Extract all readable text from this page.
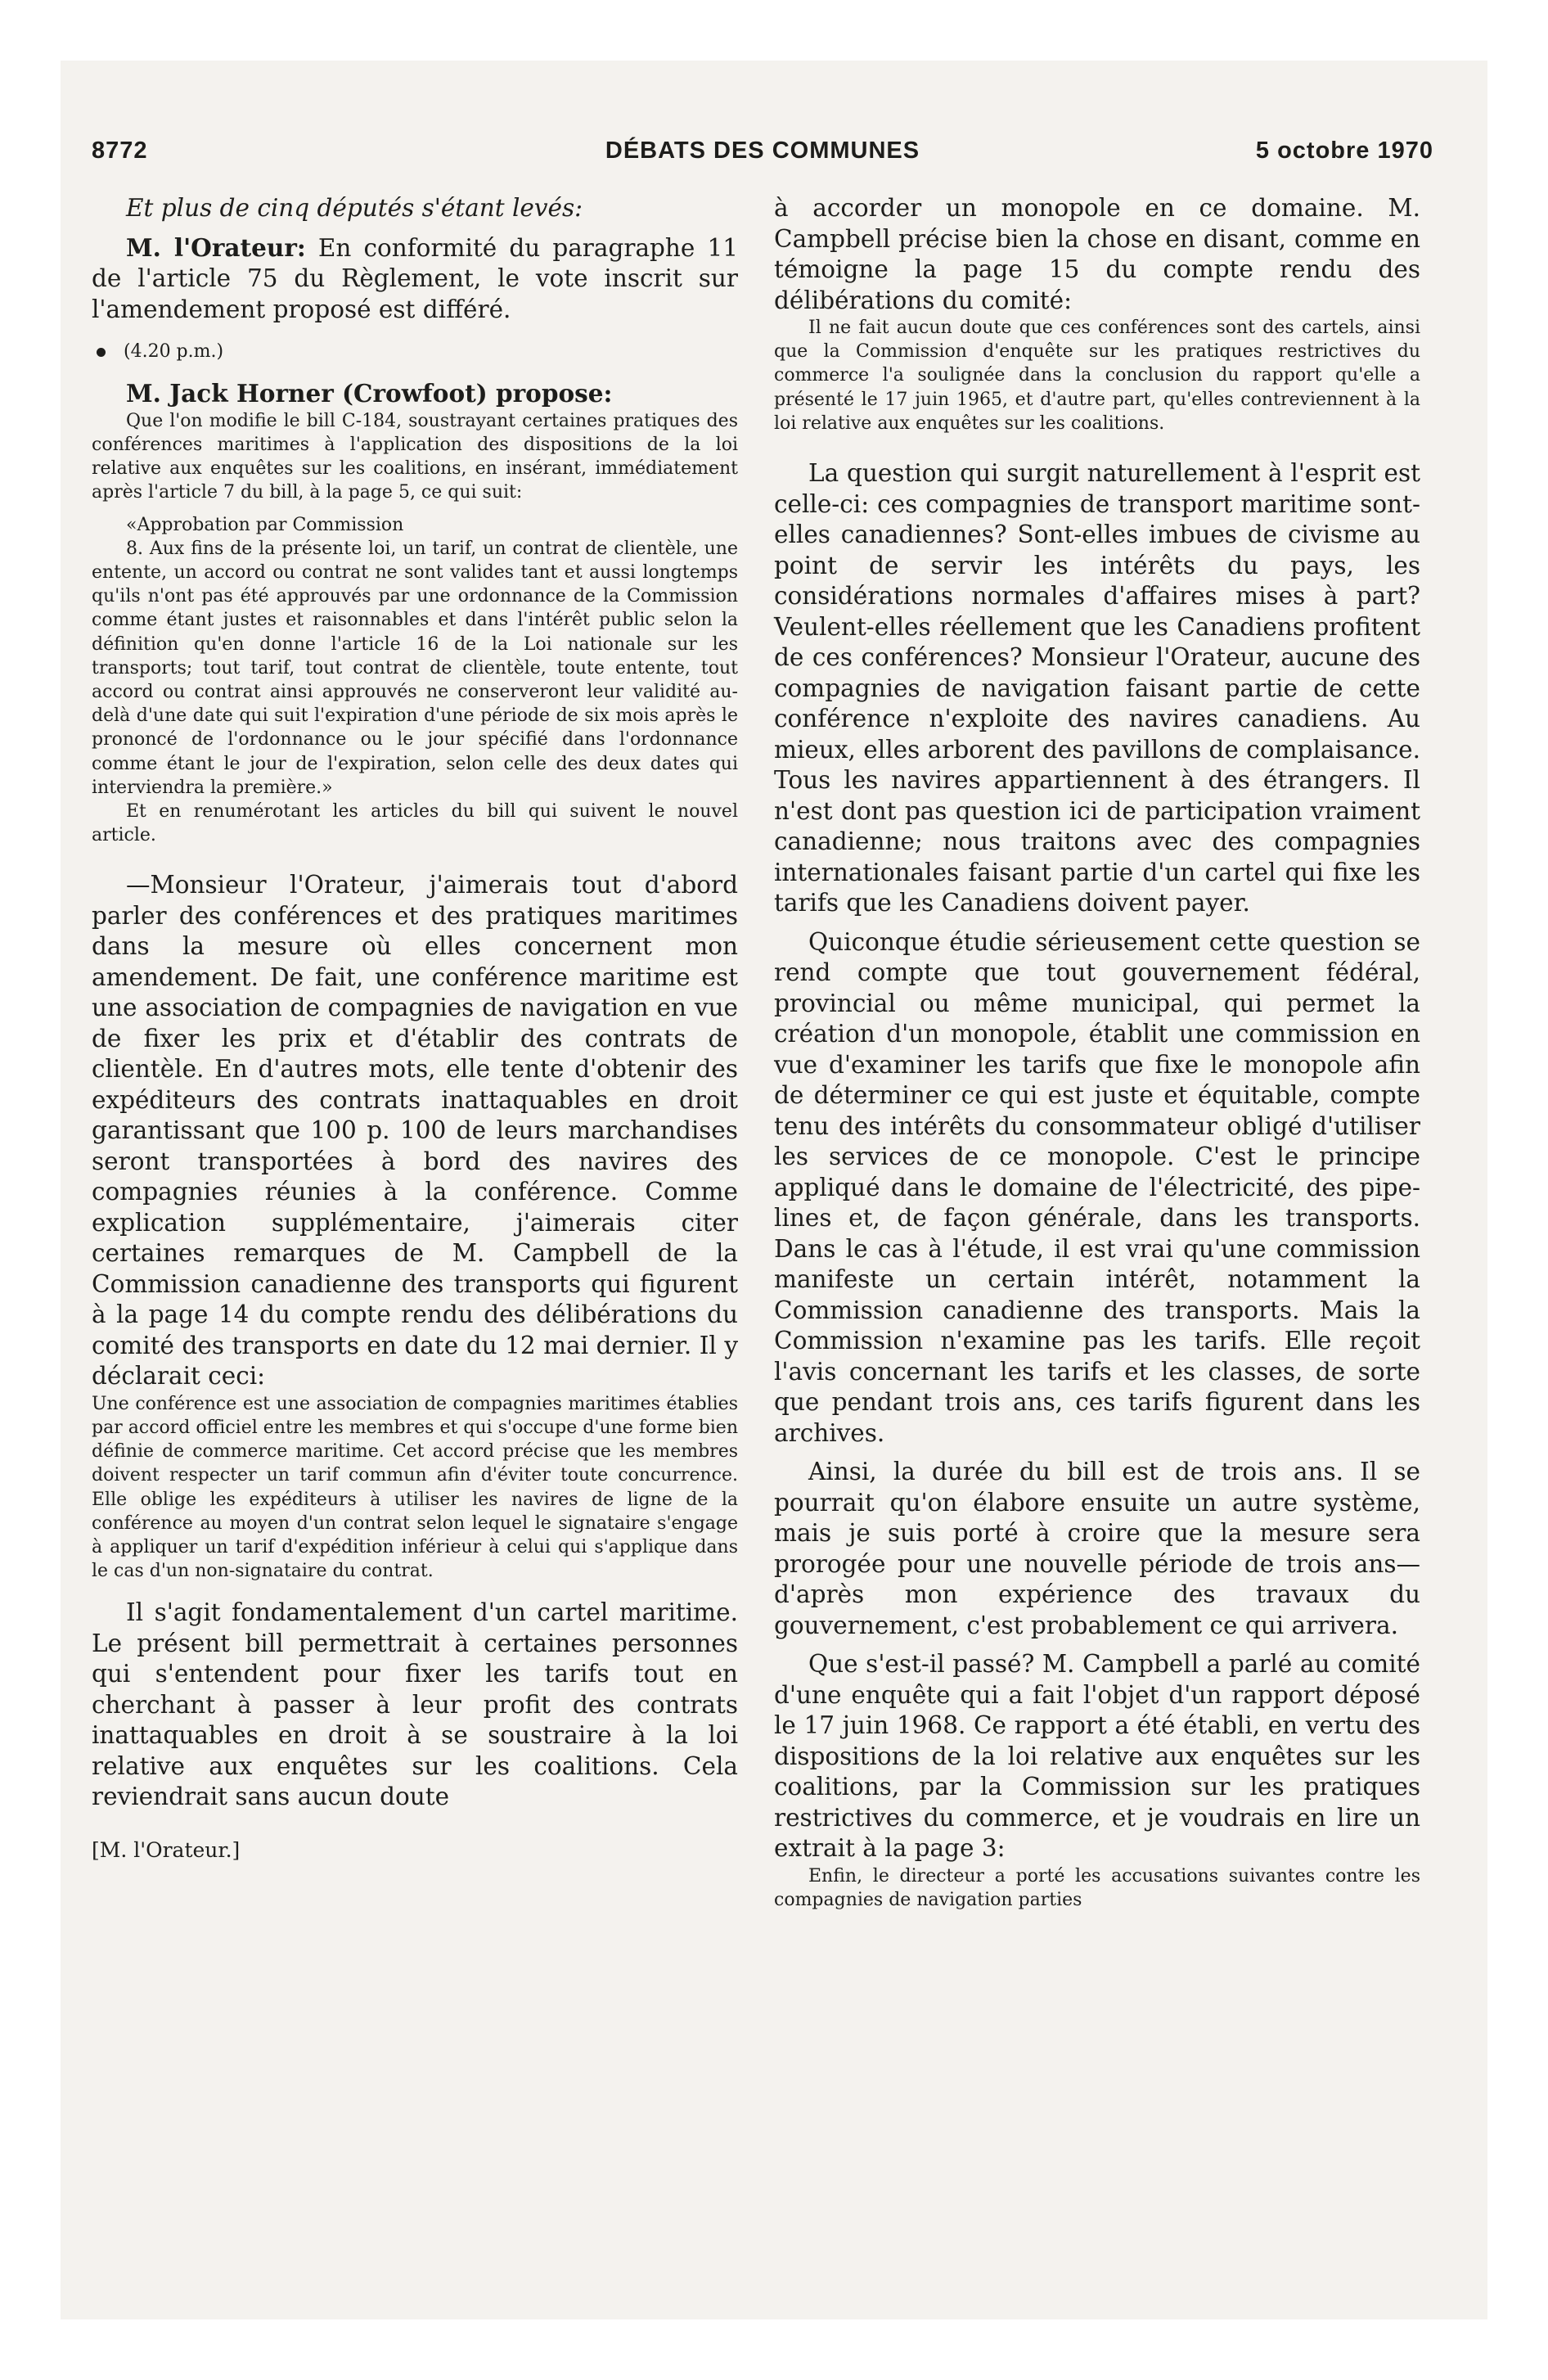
8772	DÉBATS DES COMMUNES	5 octobre 1970

Et plus de cinq députés s'étant levés:

M. l'Orateur: En conformité du paragraphe 11 de l'article 75 du Règlement, le vote inscrit sur l'amendement proposé est différé.

(4.20 p.m.)

M. Jack Horner (Crowfoot) propose:

Que l'on modifie le bill C-184, soustrayant certaines pratiques des conférences maritimes à l'application des dispositions de la loi relative aux enquêtes sur les coalitions, en insérant, immédiatement après l'article 7 du bill, à la page 5, ce qui suit:

«Approbation par Commission

8. Aux fins de la présente loi, un tarif, un contrat de clientèle, une entente, un accord ou contrat ne sont valides tant et aussi longtemps qu'ils n'ont pas été approuvés par une ordonnance de la Commission comme étant justes et raisonnables et dans l'intérêt public selon la définition qu'en donne l'article 16 de la Loi nationale sur les transports; tout tarif, tout contrat de clientèle, toute entente, tout accord ou contrat ainsi approuvés ne conserveront leur validité au-delà d'une date qui suit l'expiration d'une période de six mois après le prononcé de l'ordonnance ou le jour spécifié dans l'ordonnance comme étant le jour de l'expiration, selon celle des deux dates qui interviendra la première.»

Et en renumérotant les articles du bill qui suivent le nouvel article.

—Monsieur l'Orateur, j'aimerais tout d'abord parler des conférences et des pratiques maritimes dans la mesure où elles concernent mon amendement. De fait, une conférence maritime est une association de compagnies de navigation en vue de fixer les prix et d'établir des contrats de clientèle. En d'autres mots, elle tente d'obtenir des expéditeurs des contrats inattaquables en droit garantissant que 100 p. 100 de leurs marchandises seront transportées à bord des navires des compagnies réunies à la conférence. Comme explication supplémentaire, j'aimerais citer certaines remarques de M. Campbell de la Commission canadienne des transports qui figurent à la page 14 du compte rendu des délibérations du comité des transports en date du 12 mai dernier. Il y déclarait ceci:

Une conférence est une association de compagnies maritimes établies par accord officiel entre les membres et qui s'occupe d'une forme bien définie de commerce maritime. Cet accord précise que les membres doivent respecter un tarif commun afin d'éviter toute concurrence. Elle oblige les expéditeurs à utiliser les navires de ligne de la conférence au moyen d'un contrat selon lequel le signataire s'engage à appliquer un tarif d'expédition inférieur à celui qui s'applique dans le cas d'un non-signataire du contrat.

Il s'agit fondamentalement d'un cartel maritime. Le présent bill permettrait à certaines personnes qui s'entendent pour fixer les tarifs tout en cherchant à passer à leur profit des contrats inattaquables en droit à se soustraire à la loi relative aux enquêtes sur les coalitions. Cela reviendrait sans aucun doute

[M. l'Orateur.]

à accorder un monopole en ce domaine. M. Campbell précise bien la chose en disant, comme en témoigne la page 15 du compte rendu des délibérations du comité:

Il ne fait aucun doute que ces conférences sont des cartels, ainsi que la Commission d'enquête sur les pratiques restrictives du commerce l'a soulignée dans la conclusion du rapport qu'elle a présenté le 17 juin 1965, et d'autre part, qu'elles contreviennent à la loi relative aux enquêtes sur les coalitions.

La question qui surgit naturellement à l'esprit est celle-ci: ces compagnies de transport maritime sont-elles canadiennes? Sont-elles imbues de civisme au point de servir les intérêts du pays, les considérations normales d'affaires mises à part? Veulent-elles réellement que les Canadiens profitent de ces conférences? Monsieur l'Orateur, aucune des compagnies de navigation faisant partie de cette conférence n'exploite des navires canadiens. Au mieux, elles arborent des pavillons de complaisance. Tous les navires appartiennent à des étrangers. Il n'est dont pas question ici de participation vraiment canadienne; nous traitons avec des compagnies internationales faisant partie d'un cartel qui fixe les tarifs que les Canadiens doivent payer.

Quiconque étudie sérieusement cette question se rend compte que tout gouvernement fédéral, provincial ou même municipal, qui permet la création d'un monopole, établit une commission en vue d'examiner les tarifs que fixe le monopole afin de déterminer ce qui est juste et équitable, compte tenu des intérêts du consommateur obligé d'utiliser les services de ce monopole. C'est le principe appliqué dans le domaine de l'électricité, des pipe-lines et, de façon générale, dans les transports. Dans le cas à l'étude, il est vrai qu'une commission manifeste un certain intérêt, notamment la Commission canadienne des transports. Mais la Commission n'examine pas les tarifs. Elle reçoit l'avis concernant les tarifs et les classes, de sorte que pendant trois ans, ces tarifs figurent dans les archives.

Ainsi, la durée du bill est de trois ans. Il se pourrait qu'on élabore ensuite un autre système, mais je suis porté à croire que la mesure sera prorogée pour une nouvelle période de trois ans—d'après mon expérience des travaux du gouvernement, c'est probablement ce qui arrivera.

Que s'est-il passé? M. Campbell a parlé au comité d'une enquête qui a fait l'objet d'un rapport déposé le 17 juin 1968. Ce rapport a été établi, en vertu des dispositions de la loi relative aux enquêtes sur les coalitions, par la Commission sur les pratiques restrictives du commerce, et je voudrais en lire un extrait à la page 3:

Enfin, le directeur a porté les accusations suivantes contre les compagnies de navigation parties
